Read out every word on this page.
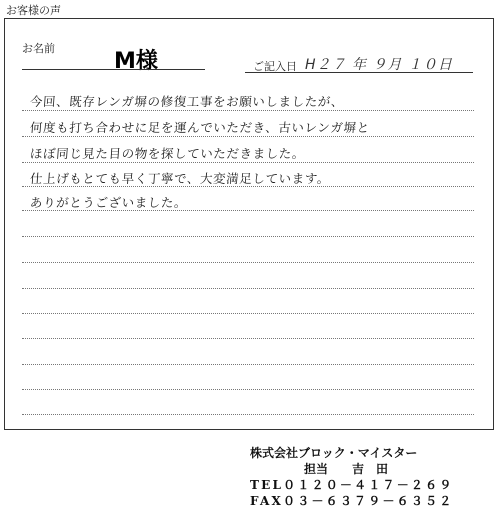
お客様の声
お名前
M様	ご記入日 H２７ 年 ９月 １０日
今回、既存レンガ塀の修復工事をお願いしましたが、
何度も打ち合わせに足を運んでいただき、古いレンガ塀と
ほぼ同じ見た目の物を探していただきました。
仕上げもとても早く丁寧で、大変満足しています。
ありがとうございました。
株式会社ブロック・マイスター
担当　　吉　田
TEL０１２０－４１７－２６９
FAX０３－６３７９－６３５２
